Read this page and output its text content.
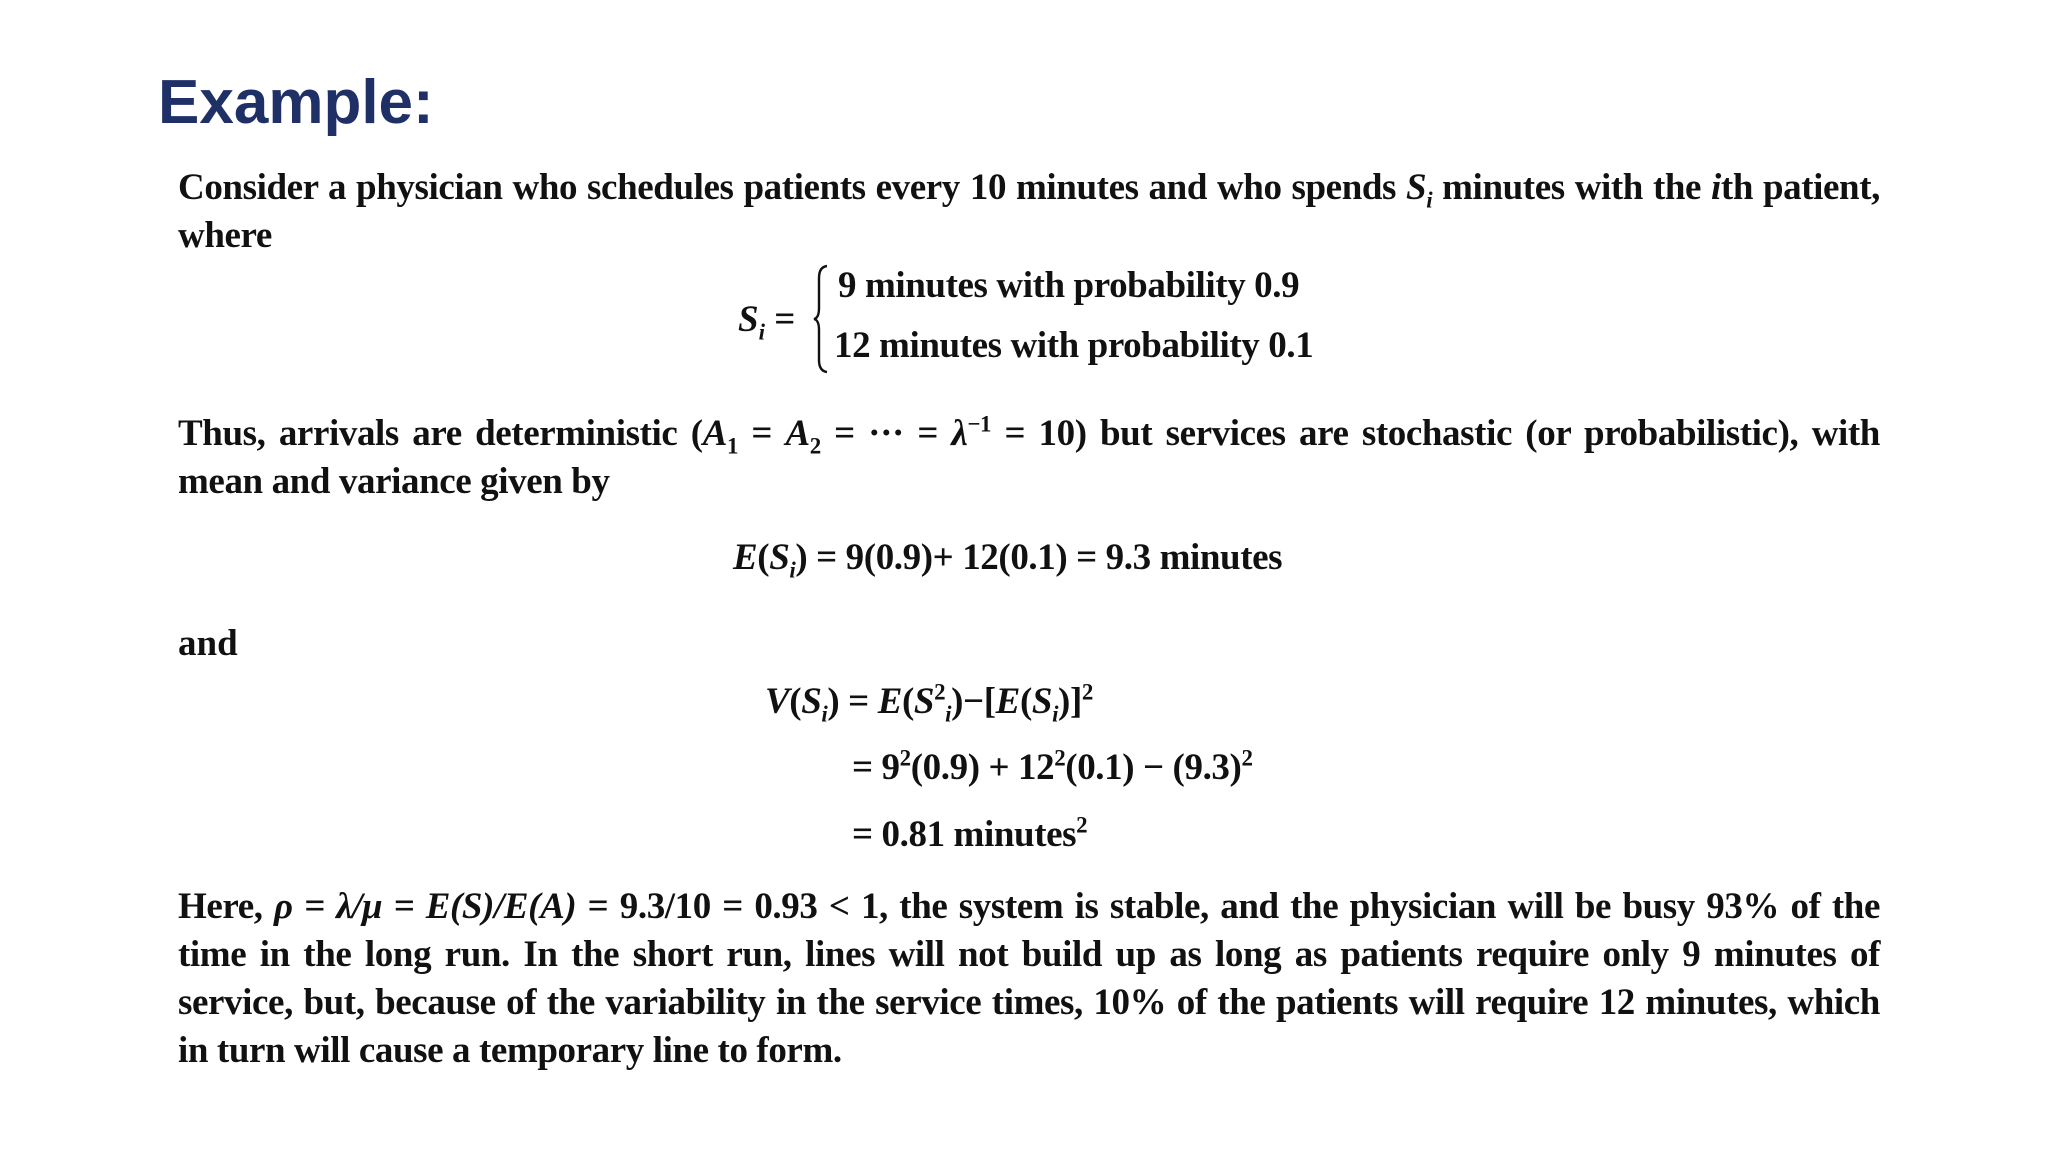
Example:
Consider a physician who schedules patients every 10 minutes and who spends $S_i$ minutes with the ith patient, where
$S_i$ =
9 minutes with probability 0.9
12 minutes with probability 0.1
Thus, arrivals are deterministic ($A_1 = A_2$ = ··· = $\lambda^{-1} = 10$) but services are stochastic (or probabilistic), with mean and variance given by
$E(S_i) = 9(0.9)+ 12(0.1) = 9.3$ minutes
and
$V(S_i) = E(S^2_i)-[E(S_i)]^2$
= $9^2(0.9) + 12^2(0.1) - (9.3)^2$
= 0.81 minutes$^2$
Here, ρ = λ/μ = E(S)/E(A) = 9.3/10 = 0.93 < 1, the system is stable, and the physician will be busy 93% of the time in the long run. In the short run, lines will not build up as long as patients require only 9 minutes of service, but, because of the variability in the service times, 10% of the patients will require 12 minutes, which in turn will cause a temporary line to form.
